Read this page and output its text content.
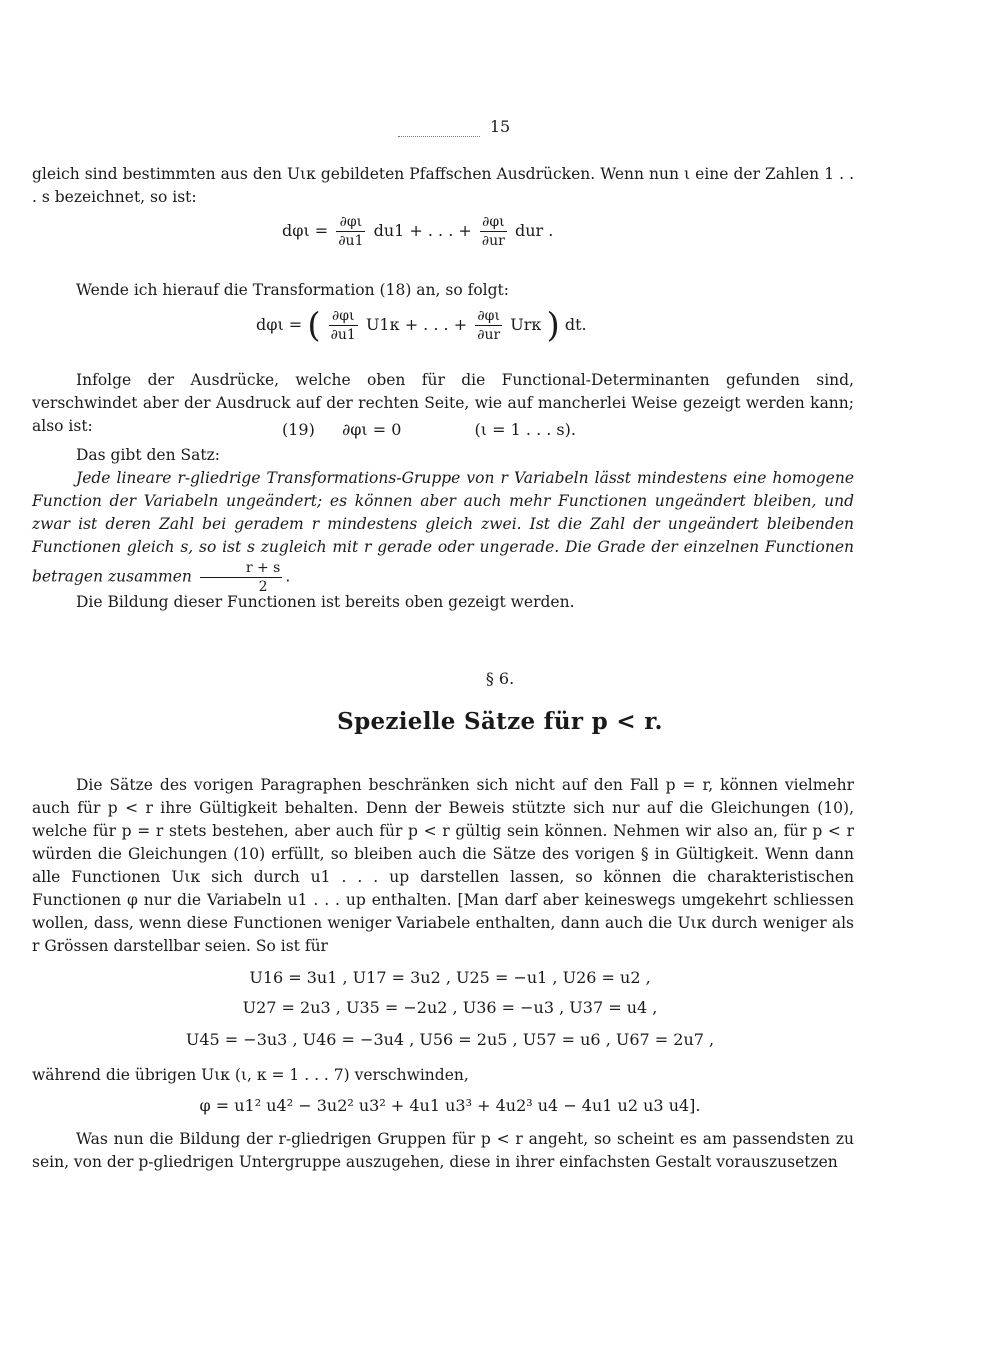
15

gleich sind bestimmten aus den Uικ gebildeten Pfaffschen Ausdrücken. Wenn nun ι eine der Zahlen 1 . . . s bezeichnet, so ist:

$d\varphi\iota = \frac{\partial\varphi\iota}{\partial u1} du1$ + . . . + $\frac{\partial\varphi\iota}{\partial ur}$ dur .

Wende ich hierauf die Transformation (18) an, so folgt:

dφι = ( $\frac{\partial\varphi\iota}{\partial u1} U1\kappa$ + . . . + $\frac{\partial\varphi\iota}{\partial ur}$ Urκ ) dt.

Infolge der Ausdrücke, welche oben für die Functional-Determinanten gefunden sind, verschwindet aber der Ausdruck auf der rechten Seite, wie auf mancherlei Weise gezeigt werden kann; also ist:	(19) ∂φι = 0	(ι = 1 . . . s).

Das gibt den Satz:

Jede lineare r-gliedrige Transformations-Gruppe von r Variabeln lässt mindestens eine homogene Function der Variabeln ungeändert; es können aber auch mehr Functionen ungeändert bleiben, und zwar ist deren Zahl bei geradem r mindestens gleich zwei. Ist die Zahl der ungeändert bleibenden Functionen gleich s, so ist s zugleich mit r gerade oder ungerade. Die Grade der einzelnen Functionen betragen zusammen $\frac{r + s}{2}$ .

Die Bildung dieser Functionen ist bereits oben gezeigt werden.

§ 6.
Spezielle Sätze für p < r.

Die Sätze des vorigen Paragraphen beschränken sich nicht auf den Fall p = r, können vielmehr auch für p < r ihre Gültigkeit behalten. Denn der Beweis stützte sich nur auf die Gleichungen (10), welche für p = r stets bestehen, aber auch für p < r gültig sein können. Nehmen wir also an, für p < r würden die Gleichungen (10) erfüllt, so bleiben auch die Sätze des vorigen § in Gültigkeit. Wenn dann alle Functionen Uικ sich durch u1 . . . up darstellen lassen, so können die charakteristischen Functionen φ nur die Variabeln u1 . . . up enthalten. [Man darf aber keineswegs umgekehrt schliessen wollen, dass, wenn diese Functionen weniger Variabele enthalten, dann auch die Uικ durch weniger als r Grössen darstellbar seien. So ist für

U16 = 3u1 , U17 = 3u2 , U25 = −u1 , U26 = u2 ,
U27 = 2u3 , U35 = −2u2 , U36 = −u3 , U37 = u4 ,
U45 = −3u3 , U46 = −3u4 , U56 = 2u5 , U57 = u6 , U67 = 2u7 ,

während die übrigen Uικ (ι, κ = 1 . . . 7) verschwinden,

φ = u1² u4² − 3u2² u3² + 4u1 u3³ + 4u2³ u4 − 4u1 u2 u3 u4].

Was nun die Bildung der r-gliedrigen Gruppen für p < r angeht, so scheint es am passendsten zu sein, von der p-gliedrigen Untergruppe auszugehen, diese in ihrer einfachsten Gestalt vorauszusetzen
